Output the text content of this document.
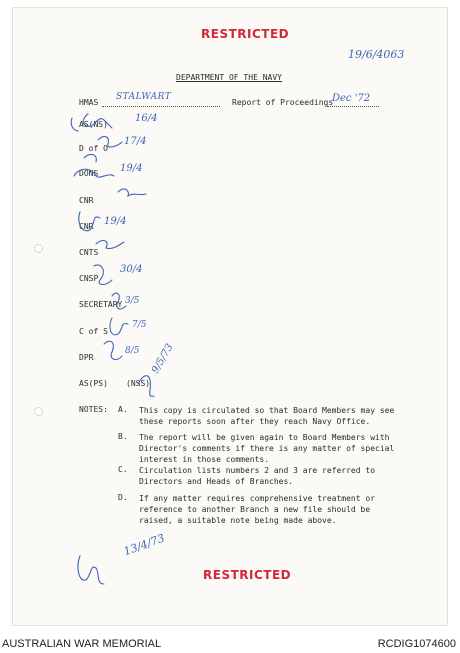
RESTRICTED
19/6/4063
DEPARTMENT OF THE NAVY
HMAS
STALWART
Report of Proceedings
Dec '72
AS(NS)
D of O
DONS
CNR
CNR
CNTS
CNSP
SECRETARY
C of S
DPR
AS(PS) (NSS)
16/4
17/4
19/4
19/4
30/4
3/5
7/5
8/5 9/5/73
13/4/73
NOTES: A. This copy is circulated so that Board Members may see these reports soon after they reach Navy Office.
B. The report will be given again to Board Members with Director's comments if there is any matter of special interest in those comments.
C. Circulation lists numbers 2 and 3 are referred to Directors and Heads of Branches.
D. If any matter requires comprehensive treatment or reference to another Branch a new file should be raised, a suitable note being made above.
RESTRICTED
AUSTRALIAN WAR MEMORIAL	RCDIG1074600
